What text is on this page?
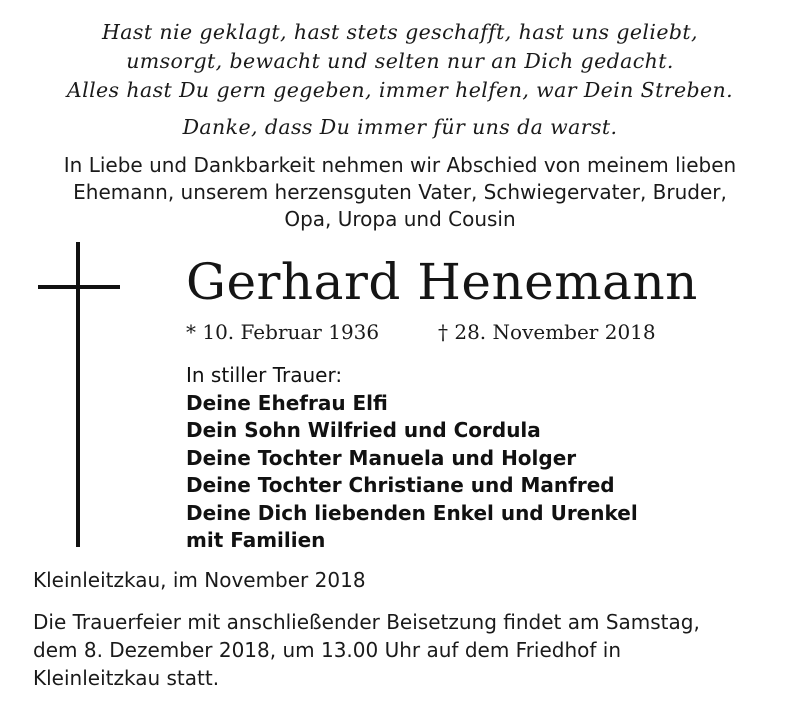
Hast nie geklagt, hast stets geschafft, hast uns geliebt,
umsorgt, bewacht und selten nur an Dich gedacht.
Alles hast Du gern gegeben, immer helfen, war Dein Streben.
Danke, dass Du immer für uns da warst.
In Liebe und Dankbarkeit nehmen wir Abschied von meinem lieben
Ehemann, unserem herzensguten Vater, Schwiegervater, Bruder,
Opa, Uropa und Cousin
Gerhard Henemann
* 10. Februar 1936	† 28. November 2018
In stiller Trauer:
Deine Ehefrau Elfi
Dein Sohn Wilfried und Cordula
Deine Tochter Manuela und Holger
Deine Tochter Christiane und Manfred
Deine Dich liebenden Enkel und Urenkel
mit Familien
Kleinleitzkau, im November 2018
Die Trauerfeier mit anschließender Beisetzung findet am Samstag,
dem 8. Dezember 2018, um 13.00 Uhr auf dem Friedhof in
Kleinleitzkau statt.
